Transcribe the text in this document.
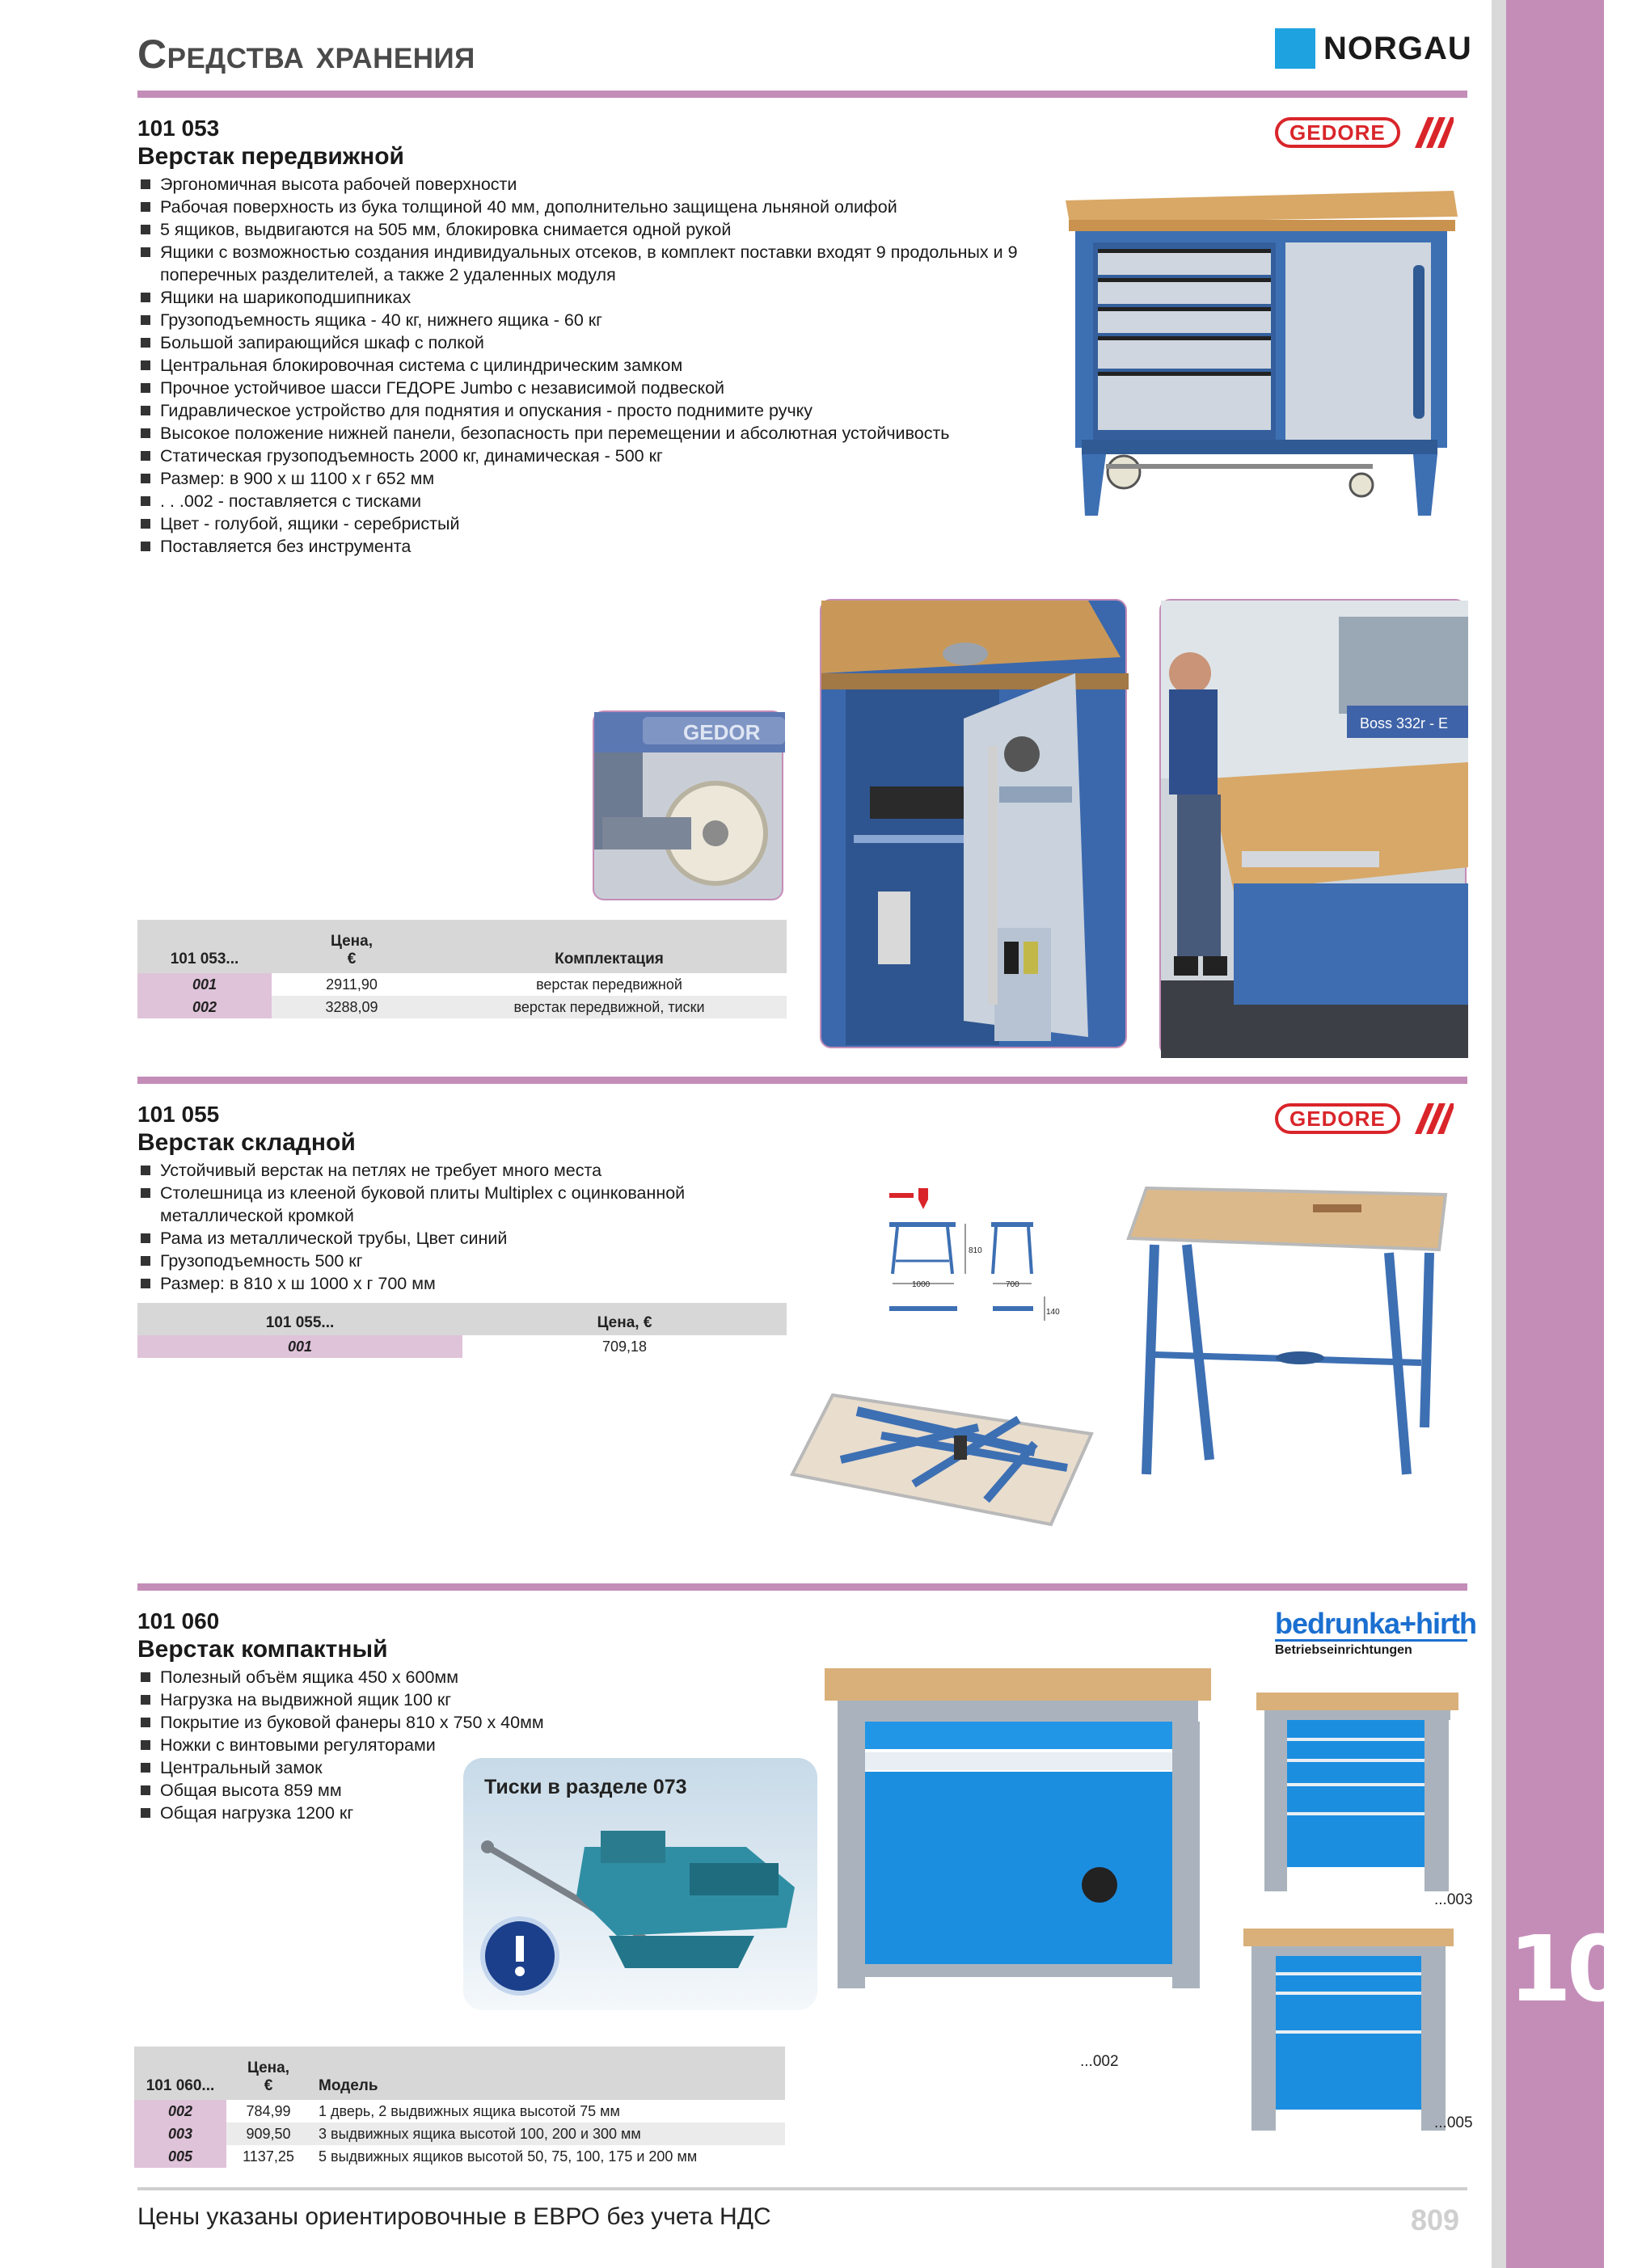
10
Средства хранения	NORGAU
101 053
Верстак передвижной
GEDORE
Эргономичная высота рабочей поверхности
Рабочая поверхность из бука толщиной 40 мм, дополнительно защищена льняной олифой
5 ящиков, выдвигаются на 505 мм, блокировка снимается одной рукой
Ящики с возможностью создания индивидуальных отсеков, в комплект поставки входят 9 продольных и 9 поперечных разделителей, а также 2 удаленных модуля
Ящики на шарикоподшипниках
Грузоподъемность ящика - 40 кг, нижнего ящика - 60 кг
Большой запирающийся шкаф с полкой
Центральная блокировочная система с цилиндрическим замком
Прочное устойчивое шасси ГЕДОРЕ Jumbo с независимой подвеской
Гидравлическое устройство для поднятия и опускания - просто поднимите ручку
Высокое положение нижней панели, безопасность при перемещении и абсолютная устойчивость
Статическая грузоподъемность 2000 кг, динамическая - 500 кг
Размер: в 900 х ш 1100 х г 652 мм
. . .002 - поставляется с тисками
Цвет - голубой, ящики - серебристый
Поставляется без инструмента
GEDOR	Boss 332r - E
101 053...	Цена,
€	Комплектация
001	2911,90	верстак передвижной
002	3288,09	верстак передвижной, тиски
101 055
Верстак складной
GEDORE
Устойчивый верстак на петлях не требует много места
Столешница из клееной буковой плиты Multiplex с оцинкованной металлической кромкой
Рама из металлической трубы, Цвет синий
Грузоподъемность 500 кг
Размер: в 810 х ш 1000 х г 700 мм
101 055...	Цена, €
001	709,18
1000
810
700
140
101 060
Верстак компактный
bedrunka+hirth
Betriebseinrichtungen
Полезный объём ящика 450 х 600мм
Нагрузка на выдвижной ящик 100 кг
Покрытие из буковой фанеры 810 х 750 х 40мм
Ножки с винтовыми регуляторами
Центральный замок
Общая высота 859 мм
Общая нагрузка 1200 кг
Тиски в разделе 073
...003
...005
...002
101 060...	Цена,
€	Модель
002	784,99	1 дверь, 2 выдвижных ящика высотой 75 мм
003	909,50	3 выдвижных ящика высотой 100, 200 и 300 мм
005	1137,25	5 выдвижных ящиков высотой 50, 75, 100, 175 и 200 мм
Цены указаны ориентировочные в ЕВРО без учета НДС	809
